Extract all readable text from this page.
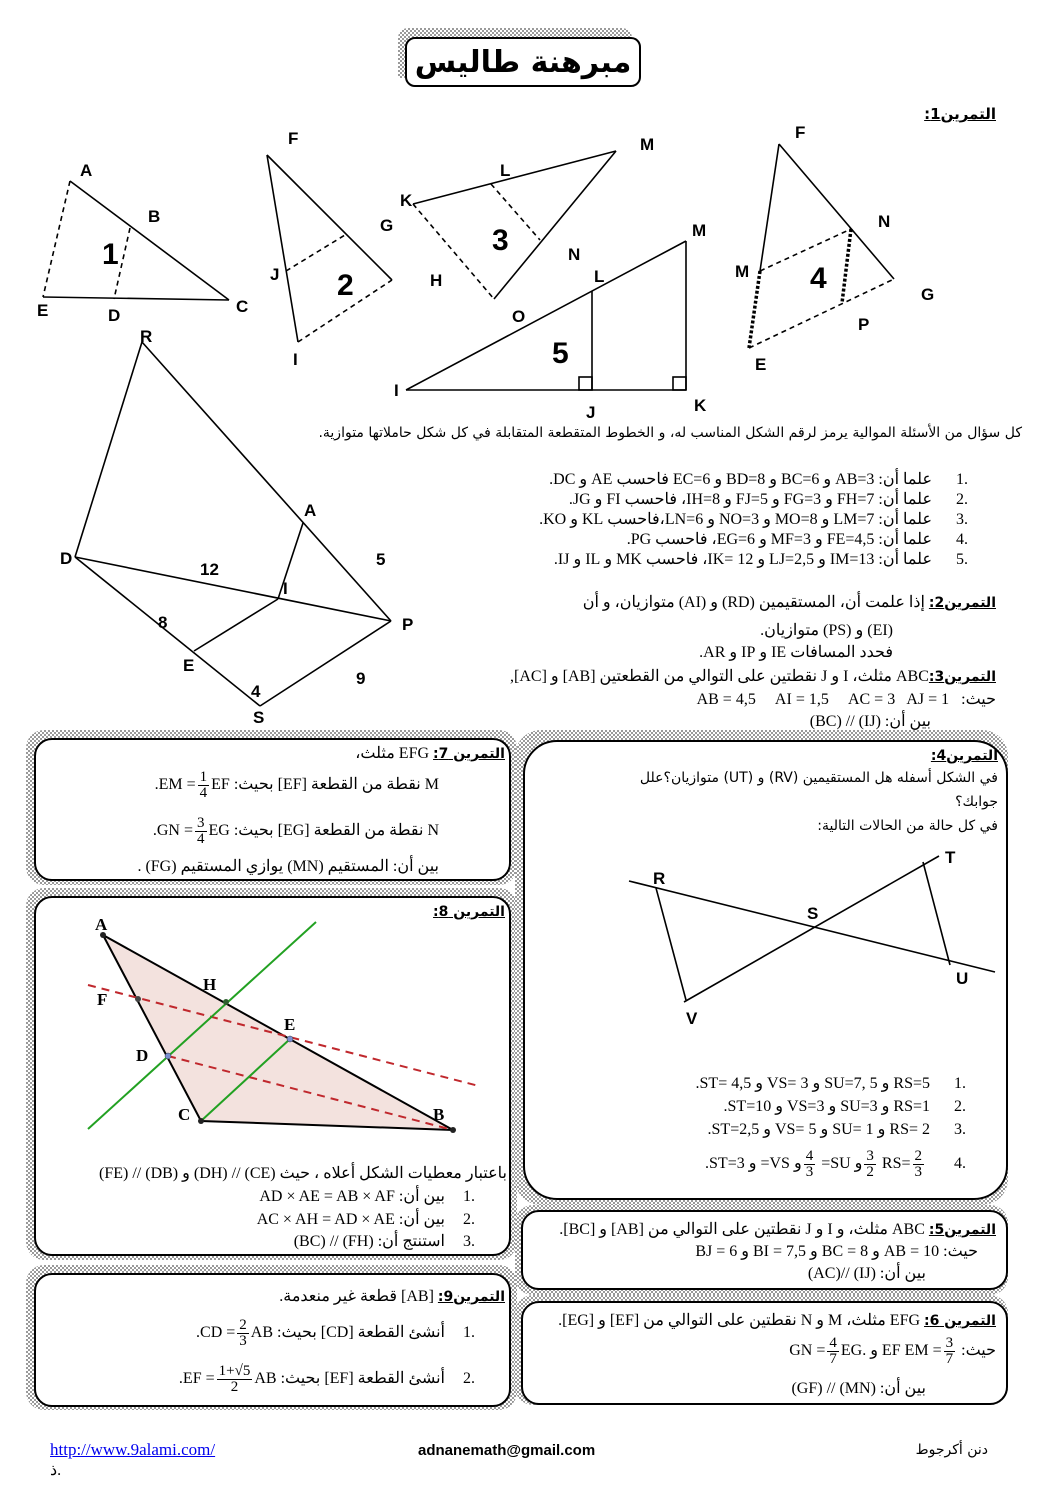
مبرهنة طاليس
التمرين1:
A
B
C
D
E
1
F
G
H
J
I
2
K
L
M
N
3	M
L
O
I
J	K
5
F
N
M
G
P
E
4
R
A
D
I
P
E
S
12
5
8
9
4
كل سؤال من الأسئلة الموالية يرمز لرقم الشكل المناسب له، و الخطوط المتقطعة المتقابلة في كل شكل حاملاتها متوازية.
.1علما أن: AB=3 و BC=6 و BD=8 و EC=6 فاحسب AE و DC.
.2علما أن: FH=7 و FG=3 و FJ=5 و IH=8، فاحسب FI و JG.
.3علما أن: LM=7 و MO=8 و NO=3 و LN=6،فاحسب KL و KO.
.4علما أن: FE=4,5 و MF=3 و EG=6، فاحسب PG.
.5علما أن: IM=13 و LJ=2,5 و IK= 12، فاحسب MK و IL و IJ.
التمرين2: إذا علمت أن، المستقيمين (RD) و (AI) متوازيان، و أن
(EI) و (PS) متوازيان.
فحدد المسافات IE و IP و AR.
التمرين3:ABC مثلث، I و J نقطتين على التوالي من القطعتين [AB] و [AC],
حيث:   AB = 4,5     AI = 1,5     AC = 3   AJ = 1
بين أن: (IJ) // (BC)
التمرين 7: EFG مثلث،
M نقطة من القطعة [EF] بحيث: $.EM = \frac{1}{4}$ EF
N نقطة من القطعة [EG] بحيث: $.GN = \frac{3}{4}$ EG
بين أن: المستقيم (MN) يوازي المستقيم (FG) .
التمرين 8:
A
H
F
E
D
C	B
باعتبار معطيات الشكل أعلاه ، حيث (CE) // (DH) و (DB) // (FE)
.1بين أن: AD × AE = AB × AF
.2بين أن: AC × AH = AD × AE
.3استنتج أن: (FH) // (BC)
التمرين9: [AB] قطعة غير منعدمة.
.1أنشئ القطعة [CD] بحيث: $.CD = \frac{2}{3}$ AB
.2أنشئ القطعة [EF] بحيث: $.EF = \frac{1+√5}{2}$ AB
التمرين4:
في الشكل أسفله هل المستقيمين (RV) و (UT) متوازيان؟علل
جوابك؟
في كل حالة من الحالات التالية:
R
S
T
U
V
.1RS=5 و SU=7, 5 و VS= 3 و ST= 4,5.
.2RS=1 و SU=3 و VS=3 و ST=10.
.3RS= 2 و SU= 1 و VS= 5 و ST=2,5.
.4 و ST=3. و $VS= \frac{4}{3}$ و $SU= \frac{3}{2} RS= \frac{2}{3}$
التمرين5: ABC مثلث، و I و J نقطتين على التوالي من [AB] و [BC].
حيث: AB = 10 و BC = 8 و BI = 7,5 و BJ = 6
بين أن: (IJ) //(AC)
التمرين 6: EFG مثلث، M و N نقطتين على التوالي من [EF] و [EG].
حيث: GN = $\frac{4}{7}$ EG. EF و EM = $\frac{3}{7}$
بين أن: (MN) // (GF)
http://www.9alami.com/
ذ.
adnanemath@gmail.com	دنن أكرجوط
